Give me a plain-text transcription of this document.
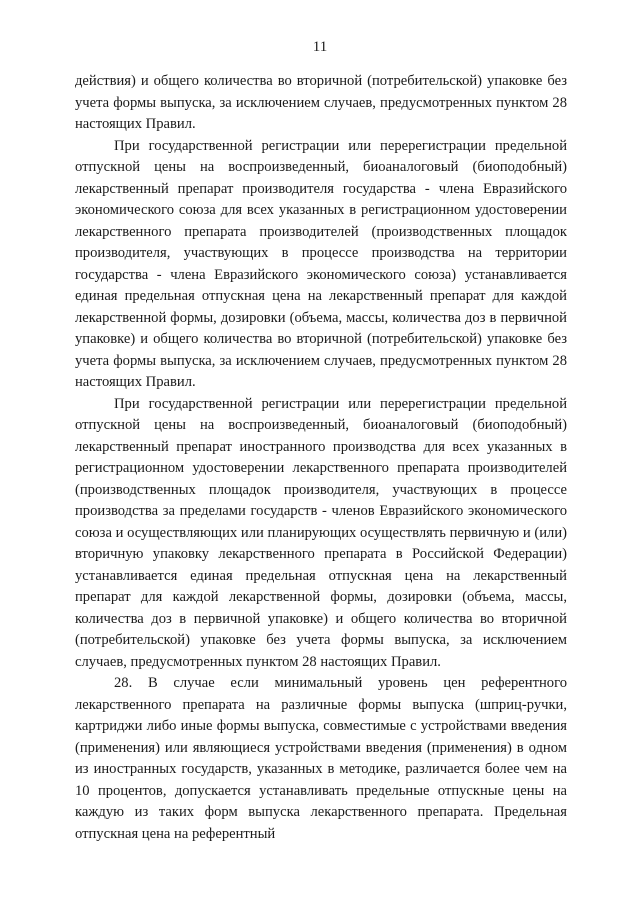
11

действия) и общего количества во вторичной (потребительской) упаковке без учета формы выпуска, за исключением случаев, предусмотренных пунктом 28 настоящих Правил.

При государственной регистрации или перерегистрации предельной отпускной цены на воспроизведенный, биоаналоговый (биоподобный) лекарственный препарат производителя государства - члена Евразийского экономического союза для всех указанных в регистрационном удостоверении лекарственного препарата производителей (производственных площадок производителя, участвующих в процессе производства на территории государства - члена Евразийского экономического союза) устанавливается единая предельная отпускная цена на лекарственный препарат для каждой лекарственной формы, дозировки (объема, массы, количества доз в первичной упаковке) и общего количества во вторичной (потребительской) упаковке без учета формы выпуска, за исключением случаев, предусмотренных пунктом 28 настоящих Правил.

При государственной регистрации или перерегистрации предельной отпускной цены на воспроизведенный, биоаналоговый (биоподобный) лекарственный препарат иностранного производства для всех указанных в регистрационном удостоверении лекарственного препарата производителей (производственных площадок производителя, участвующих в процессе производства за пределами государств - членов Евразийского экономического союза и осуществляющих или планирующих осуществлять первичную и (или) вторичную упаковку лекарственного препарата в Российской Федерации) устанавливается единая предельная отпускная цена на лекарственный препарат для каждой лекарственной формы, дозировки (объема, массы, количества доз в первичной упаковке) и общего количества во вторичной (потребительской) упаковке без учета формы выпуска, за исключением случаев, предусмотренных пунктом 28 настоящих Правил.

28. В случае если минимальный уровень цен референтного лекарственного препарата на различные формы выпуска (шприц-ручки, картриджи либо иные формы выпуска, совместимые с устройствами введения (применения) или являющиеся устройствами введения (применения) в одном из иностранных государств, указанных в методике, различается более чем на 10 процентов, допускается устанавливать предельные отпускные цены на каждую из таких форм выпуска лекарственного препарата. Предельная отпускная цена на референтный
